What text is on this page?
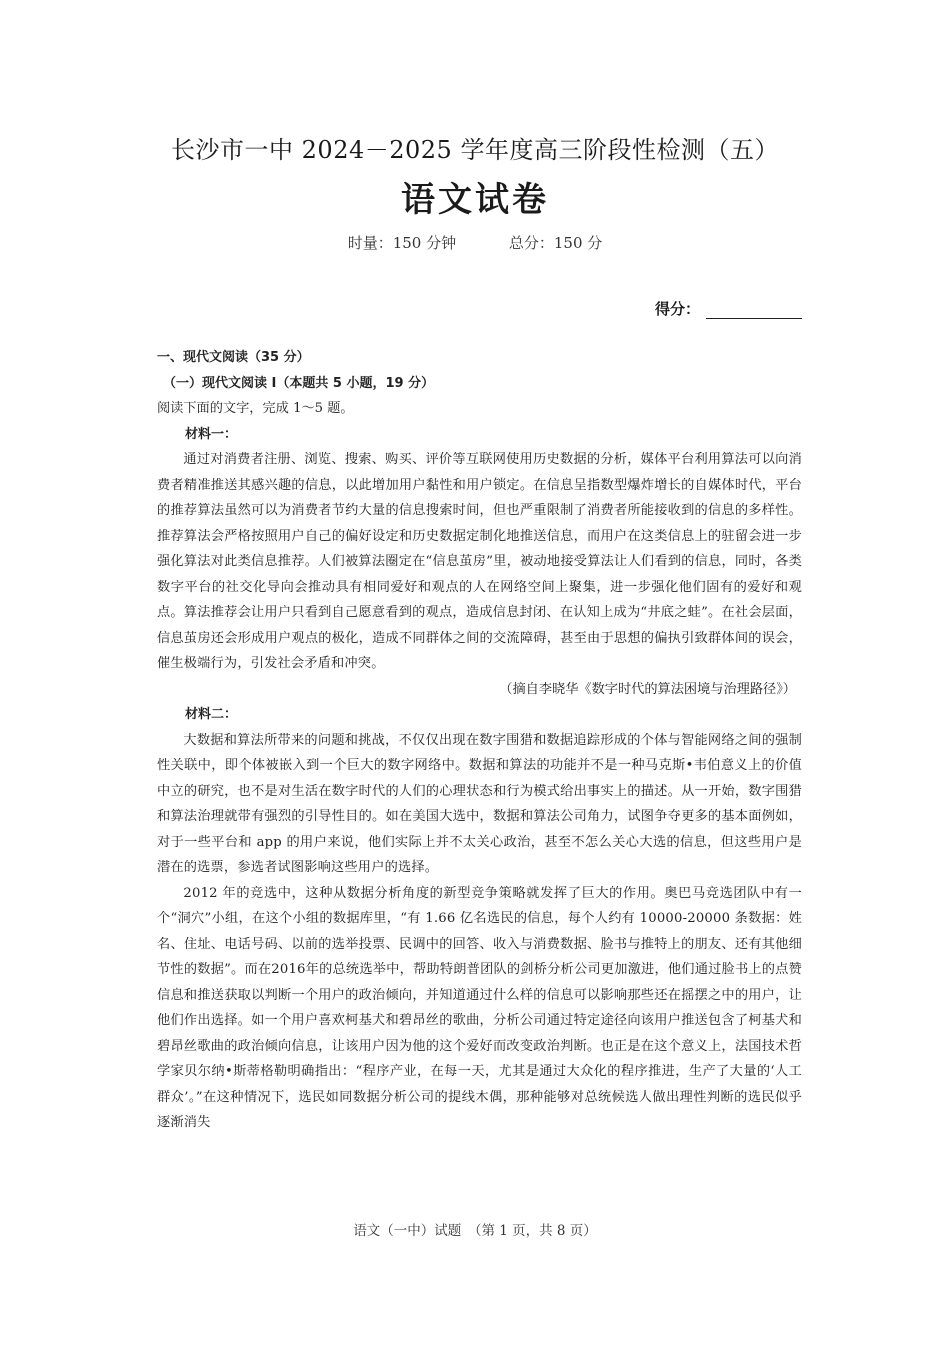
长沙市一中 2024－2025 学年度高三阶段性检测（五）
语文试卷
时量：150 分钟	总分：150 分
得分：

一、现代文阅读（35 分）

（一）现代文阅读 I（本题共 5 小题，19 分）

阅读下面的文字，完成 1～5 题。

材料一：

通过对消费者注册、浏览、搜索、购买、评价等互联网使用历史数据的分析，媒体平台利用算法可以向消费者精准推送其感兴趣的信息，以此增加用户黏性和用户锁定。在信息呈指数型爆炸增长的自媒体时代，平台的推荐算法虽然可以为消费者节约大量的信息搜索时间，但也严重限制了消费者所能接收到的信息的多样性。推荐算法会严格按照用户自己的偏好设定和历史数据定制化地推送信息，而用户在这类信息上的驻留会进一步强化算法对此类信息推荐。人们被算法圈定在“信息茧房”里，被动地接受算法让人们看到的信息，同时，各类数字平台的社交化导向会推动具有相同爱好和观点的人在网络空间上聚集，进一步强化他们固有的爱好和观点。算法推荐会让用户只看到自己愿意看到的观点，造成信息封闭、在认知上成为“井底之蛙”。在社会层面，信息茧房还会形成用户观点的极化，造成不同群体之间的交流障碍，甚至由于思想的偏执引致群体间的误会，催生极端行为，引发社会矛盾和冲突。

（摘自李晓华《数字时代的算法困境与治理路径》）

材料二：

大数据和算法所带来的问题和挑战，不仅仅出现在数字围猎和数据追踪形成的个体与智能网络之间的强制性关联中，即个体被嵌入到一个巨大的数字网络中。数据和算法的功能并不是一种马克斯•韦伯意义上的价值中立的研究，也不是对生活在数字时代的人们的心理状态和行为模式给出事实上的描述。从一开始，数字围猎和算法治理就带有强烈的引导性目的。如在美国大选中，数据和算法公司角力，试图争夺更多的基本面例如，对于一些平台和 app 的用户来说，他们实际上并不太关心政治，甚至不怎么关心大选的信息，但这些用户是潜在的选票，参选者试图影响这些用户的选择。

2012 年的竞选中，这种从数据分析角度的新型竞争策略就发挥了巨大的作用。奥巴马竞选团队中有一个“洞穴”小组，在这个小组的数据库里，“有 1.66 亿名选民的信息，每个人约有 10000-20000 条数据：姓名、住址、电话号码、以前的选举投票、民调中的回答、收入与消费数据、脸书与推特上的朋友、还有其他细节性的数据”。而在2016年的总统选举中，帮助特朗普团队的剑桥分析公司更加激进，他们通过脸书上的点赞信息和推送获取以判断一个用户的政治倾向，并知道通过什么样的信息可以影响那些还在摇摆之中的用户，让他们作出选择。如一个用户喜欢柯基犬和碧昂丝的歌曲，分析公司通过特定途径向该用户推送包含了柯基犬和碧昂丝歌曲的政治倾向信息，让该用户因为他的这个爱好而改变政治判断。也正是在这个意义上，法国技术哲学家贝尔纳•斯蒂格勒明确指出：“程序产业，在每一天，尤其是通过大众化的程序推进，生产了大量的‘人工群众’。”在这种情况下，选民如同数据分析公司的提线木偶，那种能够对总统候选人做出理性判断的选民似乎逐渐消失

语文（一中）试题　（第 1 页，共 8 页）
